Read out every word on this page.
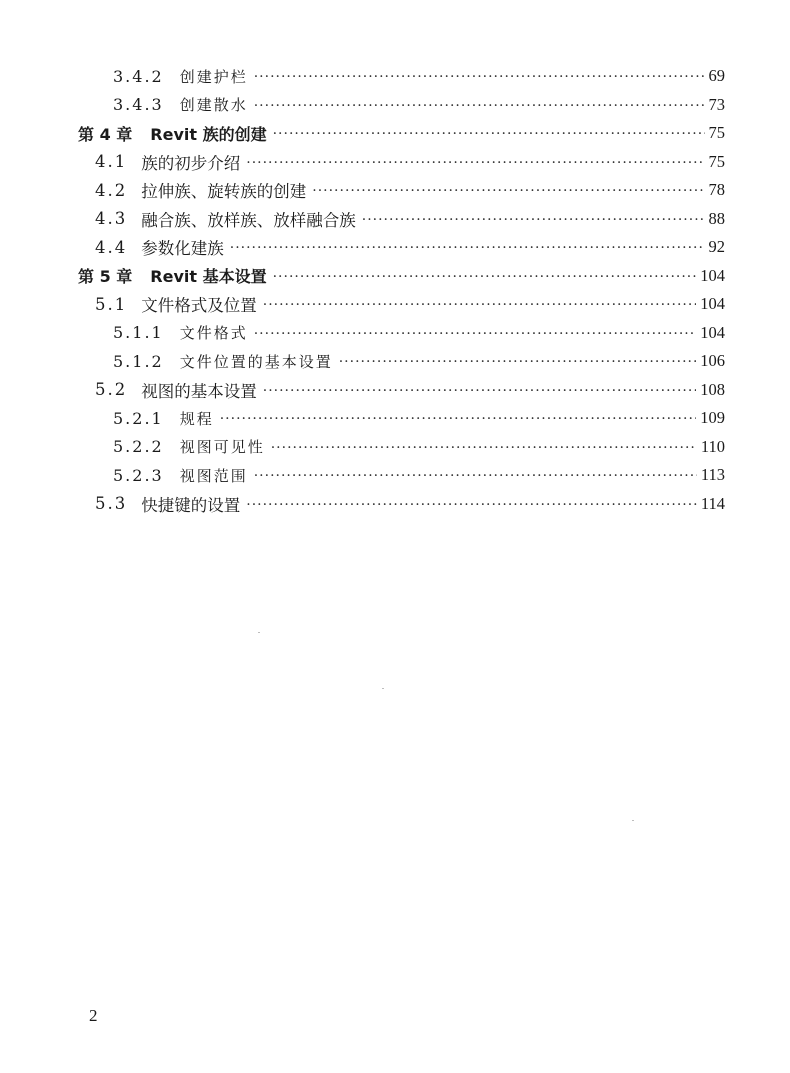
3.4.2 创建护栏 ·····	69
3.4.3 创建散水 ·····	73
第 4 章 Revit 族的创建 ·····	75
4.1 族的初步介绍 ·····	75
4.2 拉伸族、旋转族的创建 ·····	78
4.3 融合族、放样族、放样融合族 ·····	88
4.4 参数化建族 ·····	92
第 5 章 Revit 基本设置 ·····	104
5.1 文件格式及位置 ·····	104
5.1.1 文件格式 ·····	104
5.1.2 文件位置的基本设置 ·····	106
5.2 视图的基本设置 ·····	108
5.2.1 规程 ·····	109
5.2.2 视图可见性 ·····	110
5.2.3 视图范围 ·····	113
5.3 快捷键的设置 ·····	114
2
